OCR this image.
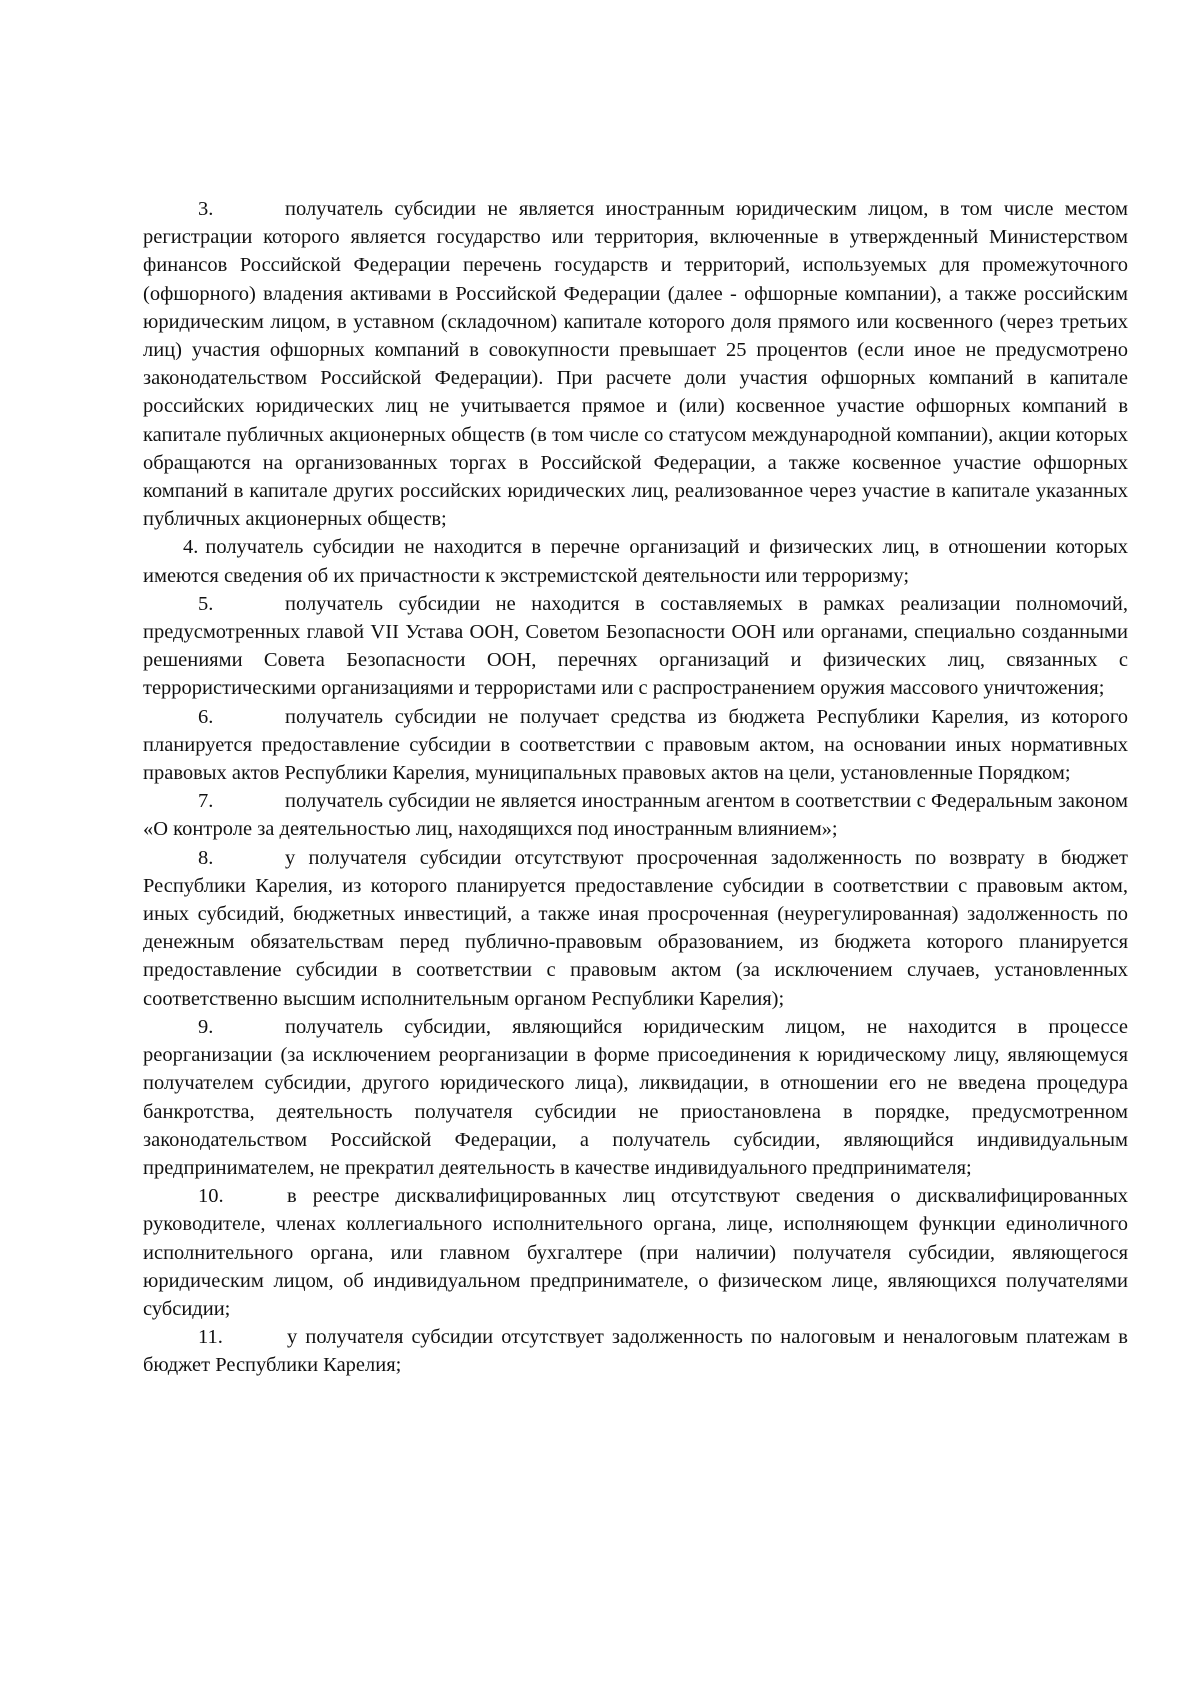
3.	получатель субсидии не является иностранным юридическим лицом, в том числе местом регистрации которого является государство или территория, включенные в утвержденный Министерством финансов Российской Федерации перечень государств и территорий, используемых для промежуточного (офшорного) владения активами в Российской Федерации (далее - офшорные компании), а также российским юридическим лицом, в уставном (складочном) капитале которого доля прямого или косвенного (через третьих лиц) участия офшорных компаний в совокупности превышает 25 процентов (если иное не предусмотрено законодательством Российской Федерации). При расчете доли участия офшорных компаний в капитале российских юридических лиц не учитывается прямое и (или) косвенное участие офшорных компаний в капитале публичных акционерных обществ (в том числе со статусом международной компании), акции которых обращаются на организованных торгах в Российской Федерации, а также косвенное участие офшорных компаний в капитале других российских юридических лиц, реализованное через участие в капитале указанных публичных акционерных обществ;

4. получатель субсидии не находится в перечне организаций и физических лиц, в отношении которых имеются сведения об их причастности к экстремистской деятельности или терроризму;

5.	получатель субсидии не находится в составляемых в рамках реализации полномочий, предусмотренных главой VII Устава ООН, Советом Безопасности ООН или органами, специально созданными решениями Совета Безопасности ООН, перечнях организаций и физических лиц, связанных с террористическими организациями и террористами или с распространением оружия массового уничтожения;

6.	получатель субсидии не получает средства из бюджета Республики Карелия, из которого планируется предоставление субсидии в соответствии с правовым актом, на основании иных нормативных правовых актов Республики Карелия, муниципальных правовых актов на цели, установленные Порядком;

7.	получатель субсидии не является иностранным агентом в соответствии с Федеральным законом «О контроле за деятельностью лиц, находящихся под иностранным влиянием»;

8.	у получателя субсидии отсутствуют просроченная задолженность по возврату в бюджет Республики Карелия, из которого планируется предоставление субсидии в соответствии с правовым актом, иных субсидий, бюджетных инвестиций, а также иная просроченная (неурегулированная) задолженность по денежным обязательствам перед публично-правовым образованием, из бюджета которого планируется предоставление субсидии в соответствии с правовым актом (за исключением случаев, установленных соответственно высшим исполнительным органом Республики Карелия);

9.	получатель субсидии, являющийся юридическим лицом, не находится в процессе реорганизации (за исключением реорганизации в форме присоединения к юридическому лицу, являющемуся получателем субсидии, другого юридического лица), ликвидации, в отношении его не введена процедура банкротства, деятельность получателя субсидии не приостановлена в порядке, предусмотренном законодательством Российской Федерации, а получатель субсидии, являющийся индивидуальным предпринимателем, не прекратил деятельность в качестве индивидуального предпринимателя;

10.	в реестре дисквалифицированных лиц отсутствуют сведения о дисквалифицированных руководителе, членах коллегиального исполнительного органа, лице, исполняющем функции единоличного исполнительного органа, или главном бухгалтере (при наличии) получателя субсидии, являющегося юридическим лицом, об индивидуальном предпринимателе, о физическом лице, являющихся получателями субсидии;

11.	у получателя субсидии отсутствует задолженность по налоговым и неналоговым платежам в бюджет Республики Карелия;
